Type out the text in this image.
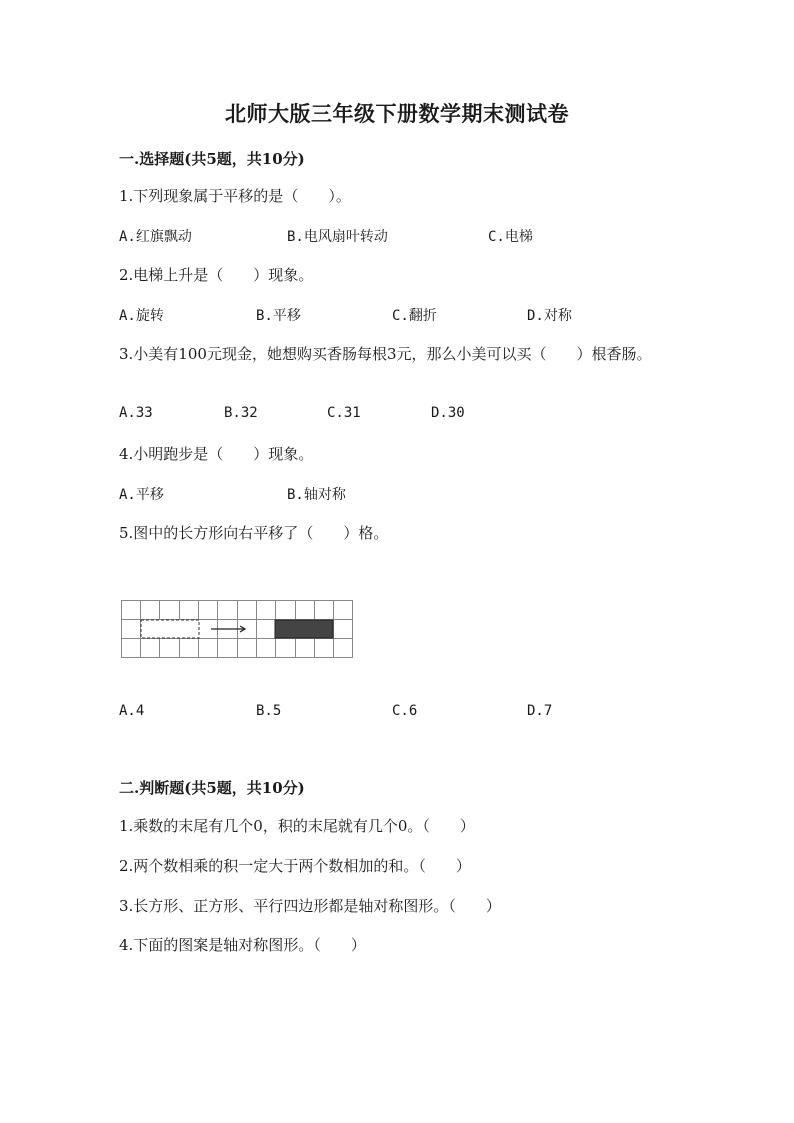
北师大版三年级下册数学期末测试卷
一.选择题(共5题，共10分)
1.下列现象属于平移的是（　　）。
A.红旗飘动	B.电风扇叶转动	C.电梯
2.电梯上升是（　　）现象。
A.旋转	B.平移	C.翻折	D.对称
3.小美有100元现金，她想购买香肠每根3元，那么小美可以买（　　）根香肠。
A.33	B.32	C.31	D.30
4.小明跑步是（　　）现象。
A.平移	B.轴对称
5.图中的长方形向右平移了（　　）格。
A.4	B.5	C.6	D.7
二.判断题(共5题，共10分)
1.乘数的末尾有几个0，积的末尾就有几个0。（　　）
2.两个数相乘的积一定大于两个数相加的和。（　　）
3.长方形、正方形、平行四边形都是轴对称图形。（　　）
4.下面的图案是轴对称图形。（　　）
